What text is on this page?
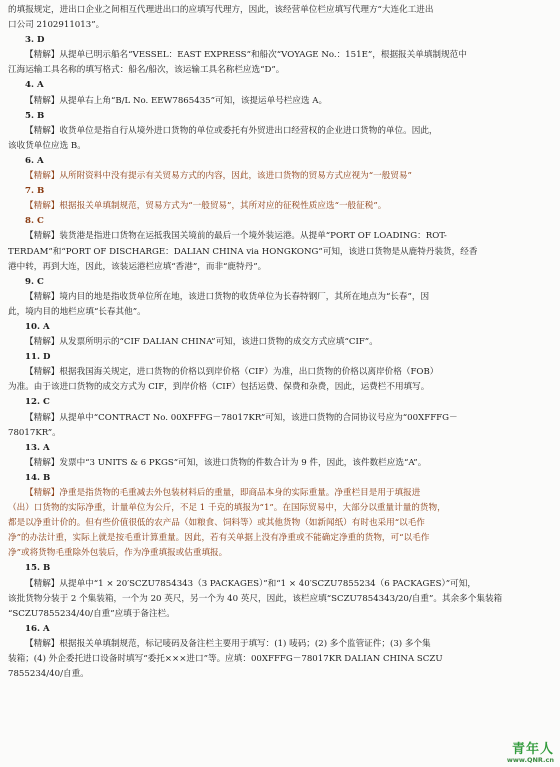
的填报规定，进出口企业之间相互代理进出口的应填写代理方，因此，该经营单位栏应填写代理方“大连化工进出

口公司 2102911013”。

3. D

【精解】从提单已明示船名“VESSEL：EAST EXPRESS”和船次“VOYAGE No.：151E”，根据报关单填制规范中

江海运输工具名称的填写格式：船名/船次，该运输工具名称栏应选“D”。

4. A

【精解】从提单右上角“B/L No. EEW7865435”可知，该提运单号栏应选 A。

5. B

【精解】收货单位是指自行从境外进口货物的单位或委托有外贸进出口经营权的企业进口货物的单位。因此，

该收货单位应选 B。

6. A

【精解】从所附资料中没有提示有关贸易方式的内容，因此，该进口货物的贸易方式应视为“一般贸易”

7. B

【精解】根据报关单填制规范，贸易方式为“一般贸易”，其所对应的征税性质应选“一般征税”。

8. C

【精解】装货港是指进口货物在运抵我国关境前的最后一个境外装运港。从提单“PORT OF LOADING：ROT-

TERDAM”和“PORT OF DISCHARGE：DALIAN CHINA via HONGKONG”可知，该进口货物是从鹿特丹装货，经香

港中转，再到大连，因此，该装运港栏应填“香港”，而非“鹿特丹”。

9. C

【精解】境内目的地是指收货单位所在地，该进口货物的收货单位为长春特钢厂，其所在地点为“长春”，因

此，境内目的地栏应填“长春其他”。

10. A

【精解】从发票所明示的“CIF DALIAN CHINA”可知，该进口货物的成交方式应填“CIF”。

11. D

【精解】根据我国海关规定，进口货物的价格以到岸价格（CIF）为准，出口货物的价格以离岸价格（FOB）

为准。由于该进口货物的成交方式为 CIF，到岸价格（CIF）包括运费、保费和杂费，因此，运费栏不用填写。

12. C

【精解】从提单中“CONTRACT No. 00XFFFG－78017KR”可知，该进口货物的合同协议号应为“00XFFFG－

78017KR”。

13. A

【精解】发票中“3 UNITS & 6 PKGS”可知，该进口货物的件数合计为 9 件，因此，该件数栏应选“A”。

14. B

【精解】净重是指货物的毛重减去外包装材料后的重量，即商品本身的实际重量。净重栏目是用于填报进

（出）口货物的实际净重，计量单位为公斤，不足 1 千克的填报为“1”。在国际贸易中，大部分以重量计量的货物，

都是以净重计价的。但有些价值很低的农产品（如粮食、饲料等）或其他货物（如新闻纸）有时也采用“以毛作

净”的办法计重，实际上就是按毛重计算重量。因此，若有关单据上没有净重或不能确定净重的货物，可“以毛作

净”或将货物毛重除外包装后，作为净重填报或估重填报。

15. B

【精解】从提单中“1 × 20′SCZU7854343（3 PACKAGES）”和“1 × 40′SCZU7855234（6 PACKAGES）”可知，

该批货物分装于 2 个集装箱，一个为 20 英尺，另一个为 40 英尺，因此，该栏应填“SCZU7854343/20/自重”。其余多个集装箱

“SCZU7855234/40/自重”应填于备注栏。

16. A

【精解】根据报关单填制规范，标记唛码及备注栏主要用于填写：(1) 唛码；(2) 多个监管证件；(3) 多个集

装箱；(4) 外企委托进口设备时填写“委托×××进口”等。应填：00XFFFG－78017KR DALIAN CHINA SCZU

7855234/40/自重。

青年人
www.QNR.cn
